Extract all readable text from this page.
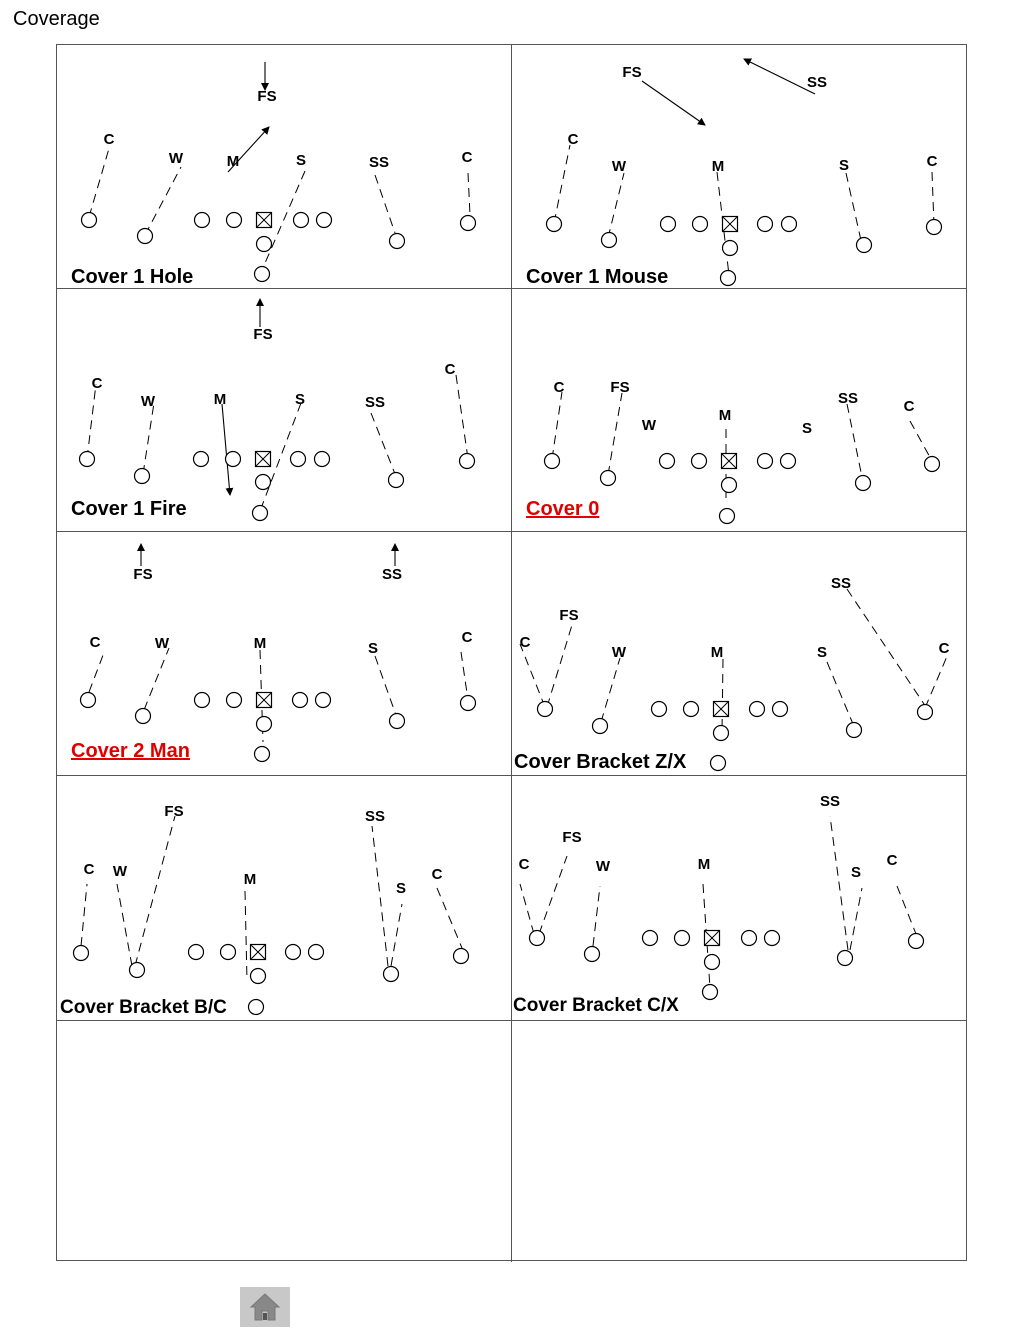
Coverage
FS
C
W	M	S	SS	C
Cover 1 Hole
FS
SS
C
W	M	S	C
Cover 1 Mouse
FS
C
W	M	S	SS
C
Cover 1 Fire
C	FS
W
M
S
SS	C
Cover 0
FS	SS
C	W	M	S
C
Cover 2 Man
SS
FS
C
W	M	S	C
Cover Bracket Z/X
FS	SS
C W	M
S
C
Cover Bracket B/C
SS
FS
C	W	M	S
C
Cover Bracket C/X
